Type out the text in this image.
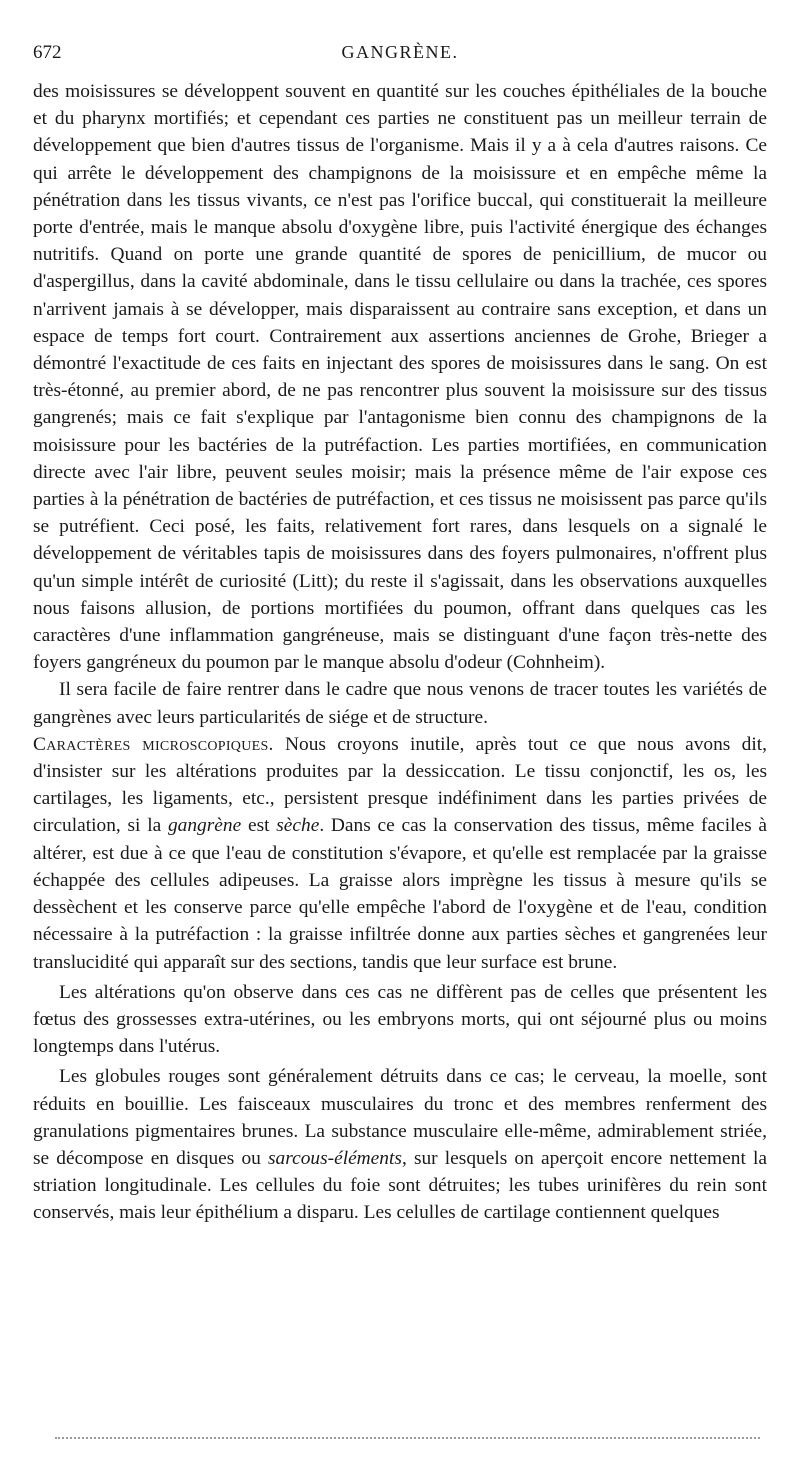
672	GANGRÈNE.

des moisissures se développent souvent en quantité sur les couches épithéliales de la bouche et du pharynx mortifiés; et cependant ces parties ne constituent pas un meilleur terrain de développement que bien d'autres tissus de l'organisme. Mais il y a à cela d'autres raisons. Ce qui arrête le développement des champignons de la moisissure et en empêche même la pénétration dans les tissus vivants, ce n'est pas l'orifice buccal, qui constituerait la meilleure porte d'entrée, mais le manque absolu d'oxygène libre, puis l'activité énergique des échanges nutritifs. Quand on porte une grande quantité de spores de penicillium, de mucor ou d'aspergillus, dans la cavité abdominale, dans le tissu cellulaire ou dans la trachée, ces spores n'arrivent jamais à se développer, mais disparaissent au contraire sans exception, et dans un espace de temps fort court. Contrairement aux assertions anciennes de Grohe, Brieger a démontré l'exactitude de ces faits en injectant des spores de moisissures dans le sang. On est très-étonné, au premier abord, de ne pas rencontrer plus souvent la moisissure sur des tissus gangrenés; mais ce fait s'explique par l'antagonisme bien connu des champignons de la moisissure pour les bactéries de la putréfaction. Les parties mortifiées, en communication directe avec l'air libre, peuvent seules moisir; mais la présence même de l'air expose ces parties à la pénétration de bactéries de putréfaction, et ces tissus ne moisissent pas parce qu'ils se putréfient. Ceci posé, les faits, relativement fort rares, dans lesquels on a signalé le développement de véritables tapis de moisissures dans des foyers pulmonaires, n'offrent plus qu'un simple intérêt de curiosité (Litt); du reste il s'agissait, dans les observations auxquelles nous faisons allusion, de portions mortifiées du poumon, offrant dans quelques cas les caractères d'une inflammation gangréneuse, mais se distinguant d'une façon très-nette des foyers gangréneux du poumon par le manque absolu d'odeur (Cohnheim).

Il sera facile de faire rentrer dans le cadre que nous venons de tracer toutes les variétés de gangrènes avec leurs particularités de siége et de structure.

Caractères microscopiques. Nous croyons inutile, après tout ce que nous avons dit, d'insister sur les altérations produites par la dessiccation. Le tissu conjonctif, les os, les cartilages, les ligaments, etc., persistent presque indéfiniment dans les parties privées de circulation, si la gangrène est sèche. Dans ce cas la conservation des tissus, même faciles à altérer, est due à ce que l'eau de constitution s'évapore, et qu'elle est remplacée par la graisse échappée des cellules adipeuses. La graisse alors imprègne les tissus à mesure qu'ils se dessèchent et les conserve parce qu'elle empêche l'abord de l'oxygène et de l'eau, condition nécessaire à la putréfaction : la graisse infiltrée donne aux parties sèches et gangrenées leur translucidité qui apparaît sur des sections, tandis que leur surface est brune.

Les altérations qu'on observe dans ces cas ne diffèrent pas de celles que présentent les fœtus des grossesses extra-utérines, ou les embryons morts, qui ont séjourné plus ou moins longtemps dans l'utérus.

Les globules rouges sont généralement détruits dans ce cas; le cerveau, la moelle, sont réduits en bouillie. Les faisceaux musculaires du tronc et des membres renferment des granulations pigmentaires brunes. La substance musculaire elle-même, admirablement striée, se décompose en disques ou sarcous-éléments, sur lesquels on aperçoit encore nettement la striation longitudinale. Les cellules du foie sont détruites; les tubes urinifères du rein sont conservés, mais leur épithélium a disparu. Les celulles de cartilage contiennent quelques
